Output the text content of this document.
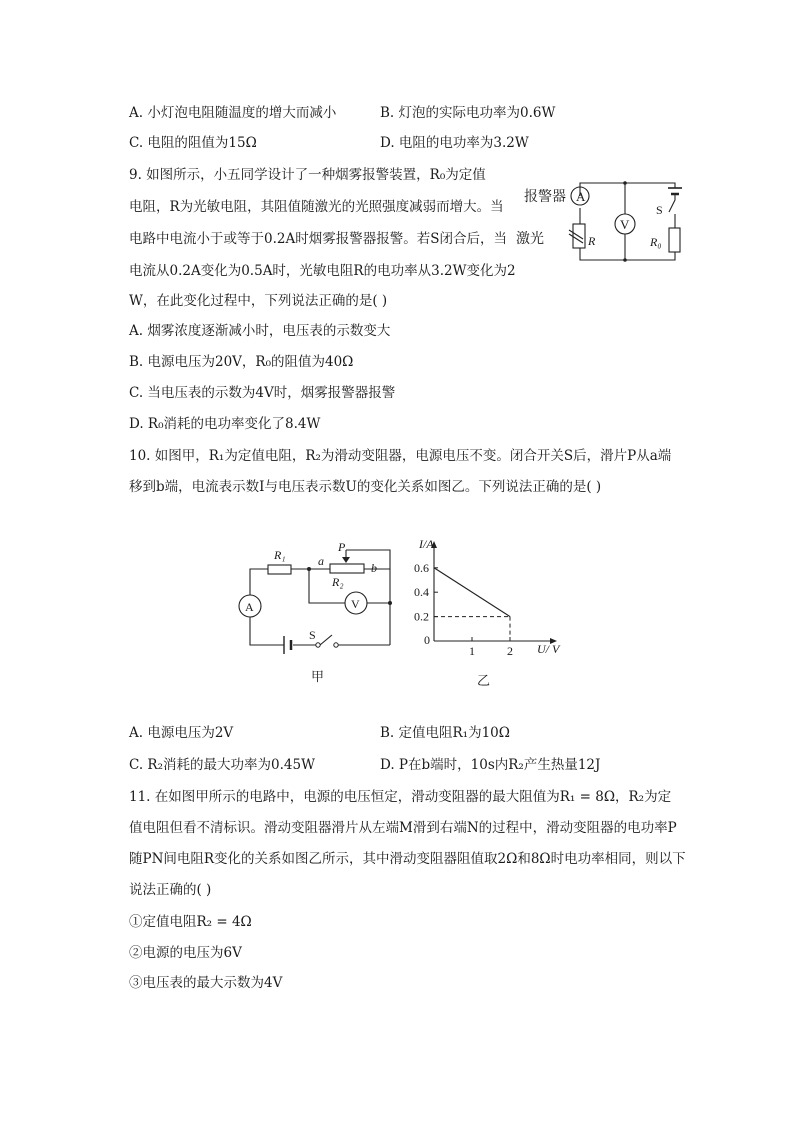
A. 小灯泡电阻随温度的增大而减小	B. 灯泡的实际电功率为0.6W
C. 电阻的阻值为15Ω	D. 电阻的电功率为3.2W
9. 如图所示，小五同学设计了一种烟雾报警装置，R₀为定值
电阻，R为光敏电阻，其阻值随激光的光照强度减弱而增大。当
电路中电流小于或等于0.2A时烟雾报警器报警。若S闭合后，当
电流从0.2A变化为0.5A时，光敏电阻R的电功率从3.2W变化为2
W，在此变化过程中，下列说法正确的是( )
A
V
报警器
激光
S
R	R₀
A. 烟雾浓度逐渐减小时，电压表的示数变大
B. 电源电压为20V，R₀的阻值为40Ω
C. 当电压表的示数为4V时，烟雾报警器报警
D. R₀消耗的电功率变化了8.4W
10. 如图甲，R₁为定值电阻，R₂为滑动变阻器，电源电压不变。闭合开关S后，滑片P从a端
移到b端，电流表示数I与电压表示数U的变化关系如图乙。下列说法正确的是( )
A	V
R₁
R₂
P
a	b
S
甲
I/A
U/ V
0
乙
0.2
0.4
0.6
1	2
A. 电源电压为2V	B. 定值电阻R₁为10Ω
C. R₂消耗的最大功率为0.45W	D. P在b端时，10s内R₂产生热量12J
11. 在如图甲所示的电路中，电源的电压恒定，滑动变阻器的最大阻值为R₁ = 8Ω，R₂为定
值电阻但看不清标识。滑动变阻器滑片从左端M滑到右端N的过程中，滑动变阻器的电功率P
随PN间电阻R变化的关系如图乙所示，其中滑动变阻器阻值取2Ω和8Ω时电功率相同，则以下
说法正确的( )
①定值电阻R₂ = 4Ω
②电源的电压为6V
③电压表的最大示数为4V
